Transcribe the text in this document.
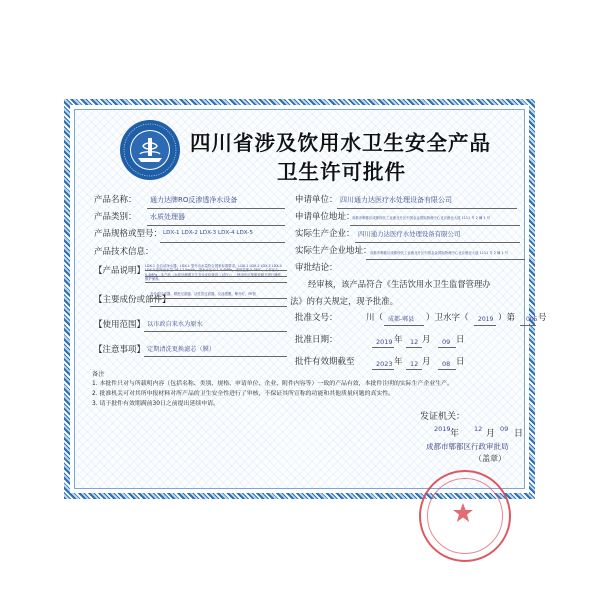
四川省涉及饮用水卫生安全产品
卫生许可批件
产品名称： 通力达牌RO反渗透净水设备
产品类别： 水质处理器
产品规格或型号： LDX-1 LDX-2 LDX-3 LDX-4 LDX-5
产品技术信息：
【产品说明】 LDX-1 全自动净水器，LDX-1 型号出水量符合国家标准要求，LDX-1 LDX-2 LDX-3 LDX-4 LDX-5 型号出水量 16-17.5m³/h，进水水压 0.1-0.4MPa，适用温度 5-38℃，工作压力 0.4MPa。本产品《水质处理器卫生安全评价规范（试行）》，使用中应按照说明书进行操作、维护保养。
【主要成份或部件】
多介质过滤器、精密过滤器、活性炭过滤器、反渗透膜、紫外灯、PE管
【使用范围】 以市政自来水为原水
【注意事项】 定期清洗更换滤芯（膜）
申请单位： 四川通力达医疗水处理设备有限公司
申请单位地址：
成都市郫都区成都现代工业港北片区中国金金国际物流中心北京港北大道 1111 号 2 幢 1 号
实际生产企业： 四川通力达医疗水处理设备有限公司
实际生产企业地址：
成都市郫都区成都现代工业港北片区中国金金国际物流中心北京港北大道 1111 号 2 幢 1 号
审批结论：
经审核，该产品符合《生活饮用水卫生监督管理办
法》的有关规定，现予批准。
批准文号：	川（ 成都-郫县 ）卫水字（ 2019 ）第 005 号
批准日期：	2019 年 12 月 09 日
批件有效期截至	2023 年 12 月 08 日
备注
1. 本批件只对与所载明内容（包括名称、类别、规格、申请单位、企业、附件内容等）一致的产品有效，本批件注明的实际生产企业生产。
2. 批准机关可对其所申报材料对所产品的卫生安全性进行了审核，不保证其所宣称的功能和其他质量问题的真实性。
3. 请于批件有效期满前30日之前提出延续申请。
发证机关：
2019 年 12 月 09 日
成都市郫都区行政审批局
（盖章）
